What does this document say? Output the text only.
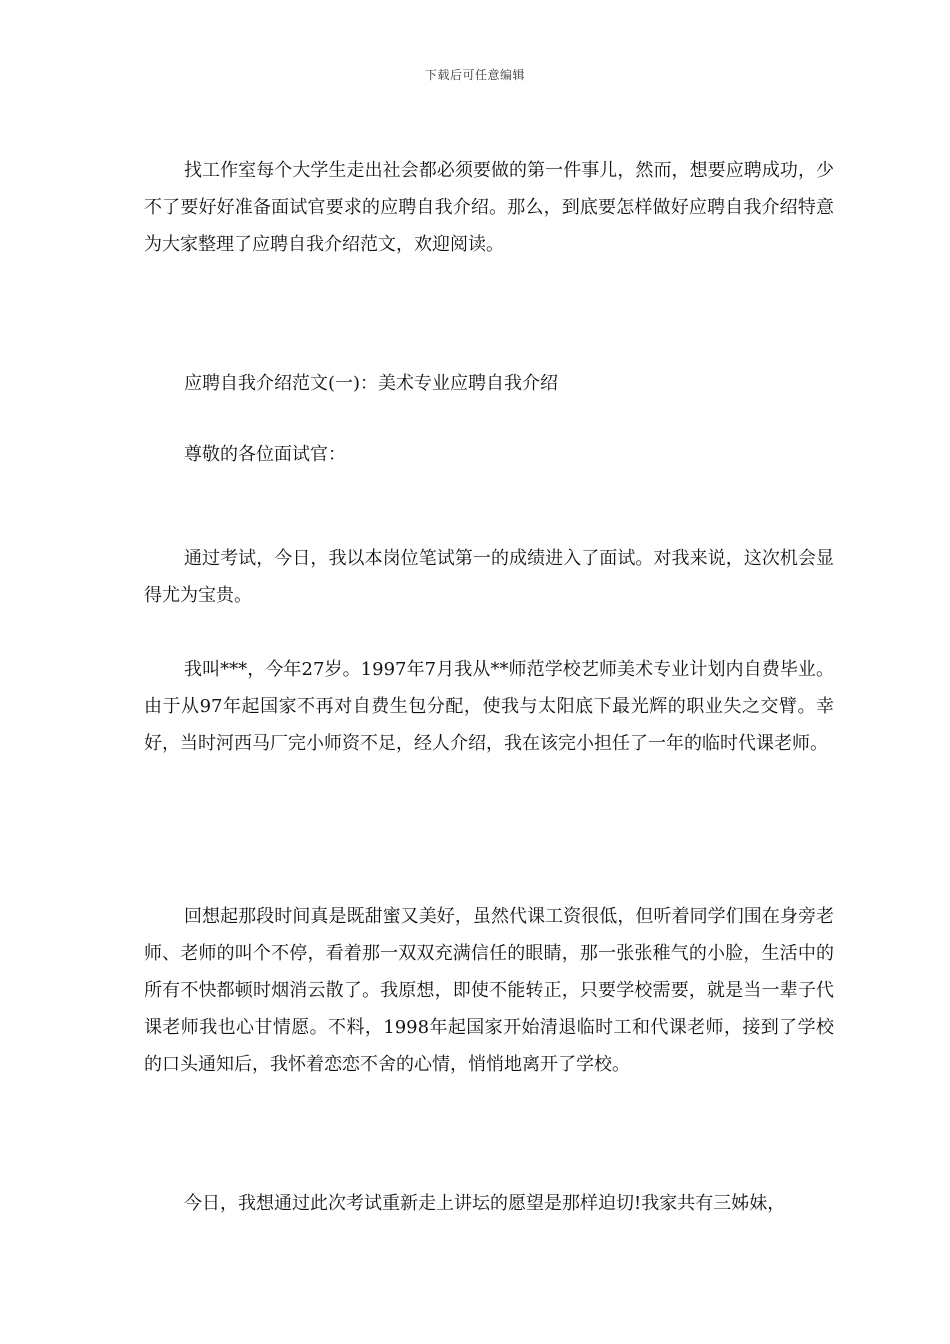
下载后可任意编辑

找工作室每个大学生走出社会都必须要做的第一件事儿，然而，想要应聘成功，少不了要好好准备面试官要求的应聘自我介绍。那么，到底要怎样做好应聘自我介绍特意为大家整理了应聘自我介绍范文，欢迎阅读。

应聘自我介绍范文(一)：美术专业应聘自我介绍

尊敬的各位面试官：

通过考试，今日，我以本岗位笔试第一的成绩进入了面试。对我来说，这次机会显得尤为宝贵。

我叫***，今年27岁。1997年7月我从**师范学校艺师美术专业计划内自费毕业。由于从97年起国家不再对自费生包分配，使我与太阳底下最光辉的职业失之交臂。幸好，当时河西马厂完小师资不足，经人介绍，我在该完小担任了一年的临时代课老师。

回想起那段时间真是既甜蜜又美好，虽然代课工资很低，但听着同学们围在身旁老师、老师的叫个不停，看着那一双双充满信任的眼睛，那一张张稚气的小脸，生活中的所有不快都顿时烟消云散了。我原想，即使不能转正，只要学校需要，就是当一辈子代课老师我也心甘情愿。不料，1998年起国家开始清退临时工和代课老师，接到了学校的口头通知后，我怀着恋恋不舍的心情，悄悄地离开了学校。

今日，我想通过此次考试重新走上讲坛的愿望是那样迫切!我家共有三姊妹，
